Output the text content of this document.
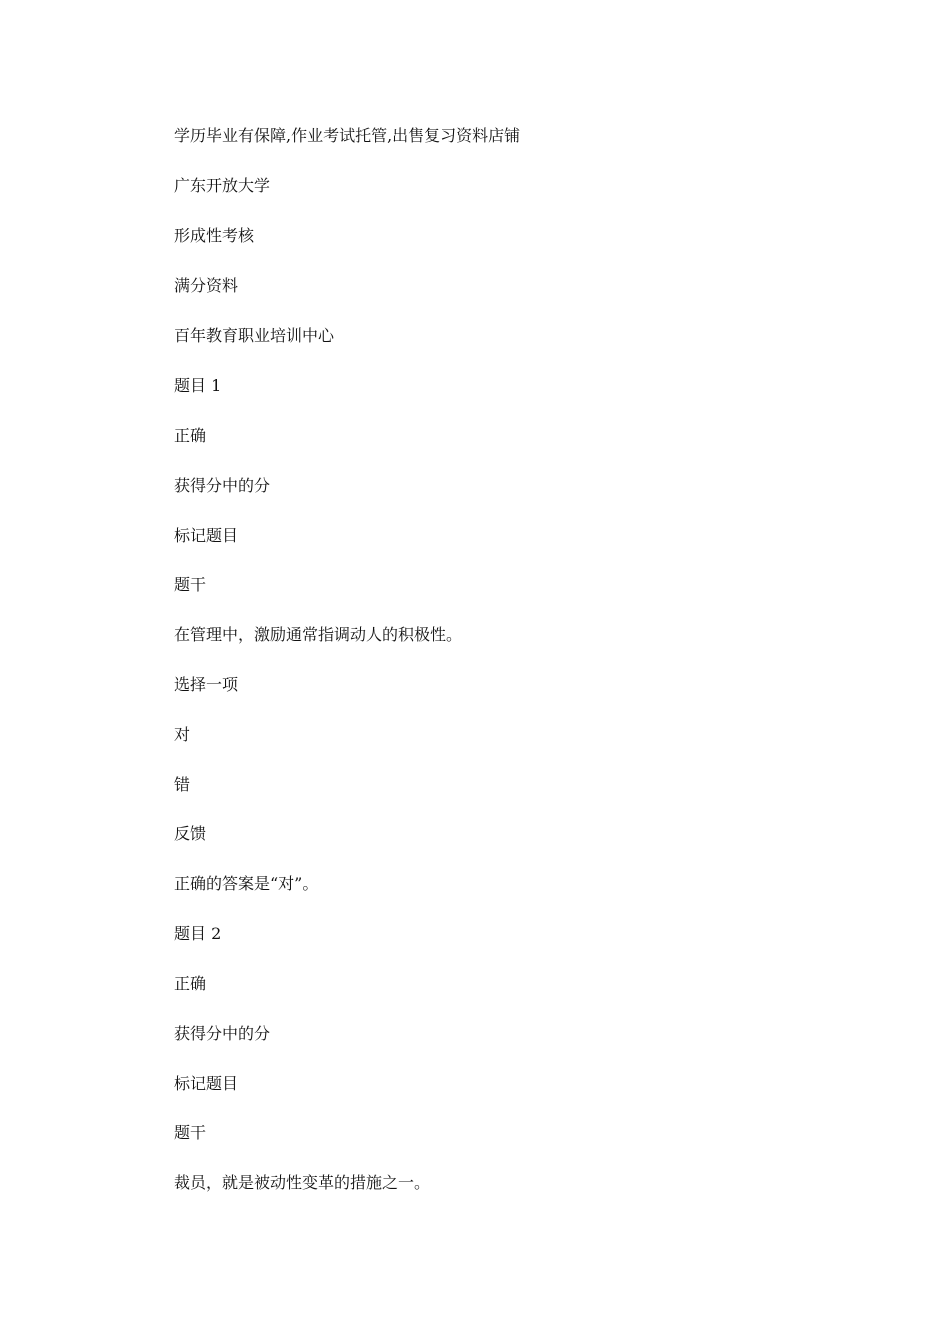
学历毕业有保障,作业考试托管,出售复习资料店铺

广东开放大学

形成性考核

满分资料

百年教育职业培训中心

题目 1

正确

获得分中的分

标记题目

题干

在管理中，激励通常指调动人的积极性。

选择一项

对

错

反馈

正确的答案是“对”。

题目 2

正确

获得分中的分

标记题目

题干

裁员，就是被动性变革的措施之一。
